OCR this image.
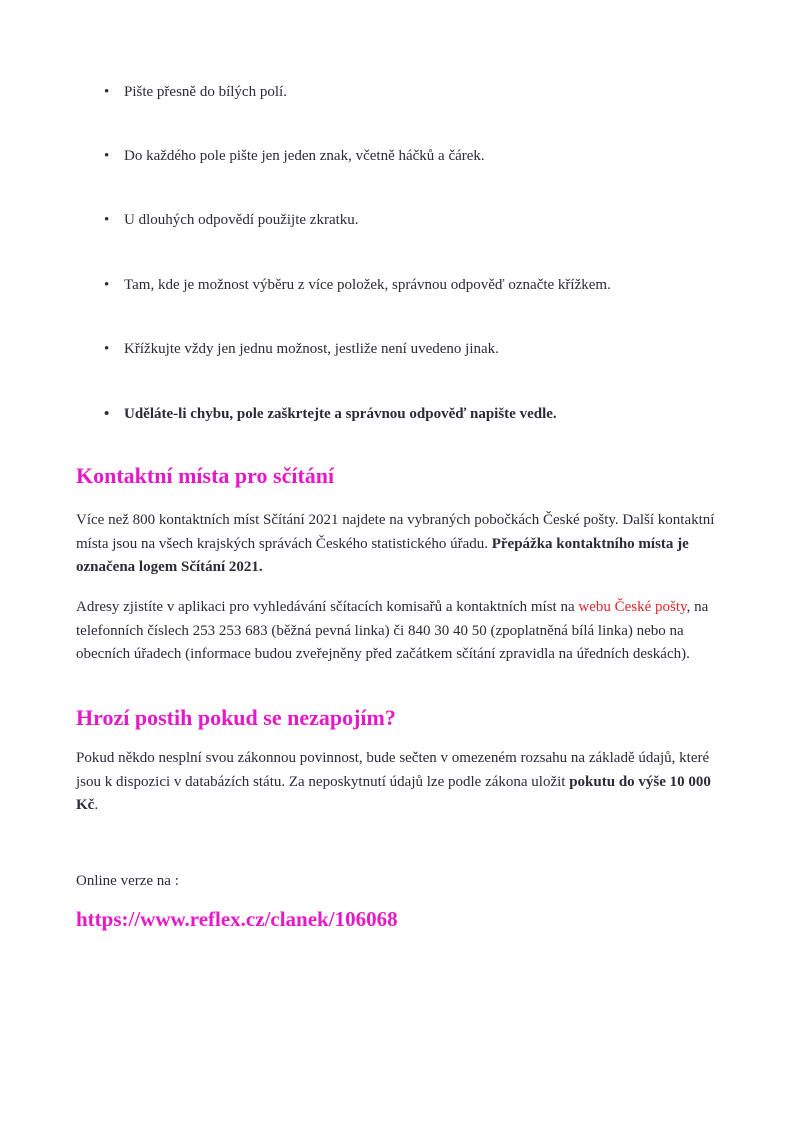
• Pište přesně do bílých polí.
• Do každého pole pište jen jeden znak, včetně háčků a čárek.
• U dlouhých odpovědí použijte zkratku.
• Tam, kde je možnost výběru z více položek, správnou odpověď označte křížkem.
• Křížkujte vždy jen jednu možnost, jestliže není uvedeno jinak.
• Uděláte-li chybu, pole zaškrtejte a správnou odpověď napište vedle.
Kontaktní místa pro sčítání

Více než 800 kontaktních míst Sčítání 2021 najdete na vybraných pobočkách České pošty. Další kontaktní místa jsou na všech krajských správách Českého statistického úřadu. Přepážka kontaktního místa je označena logem Sčítání 2021.

Adresy zjistíte v aplikaci pro vyhledávání sčítacích komisařů a kontaktních míst na webu České pošty, na telefonních číslech 253 253 683 (běžná pevná linka) či 840 30 40 50 (zpoplatněná bílá linka) nebo na obecních úřadech (informace budou zveřejněny před začátkem sčítání zpravidla na úředních deskách).

Hrozí postih pokud se nezapojím?

Pokud někdo nesplní svou zákonnou povinnost, bude sečten v omezeném rozsahu na základě údajů, které jsou k dispozici v databázích státu. Za neposkytnutí údajů lze podle zákona uložit pokutu do výše 10 000 Kč.

Online verze na :

https://www.reflex.cz/clanek/106068
